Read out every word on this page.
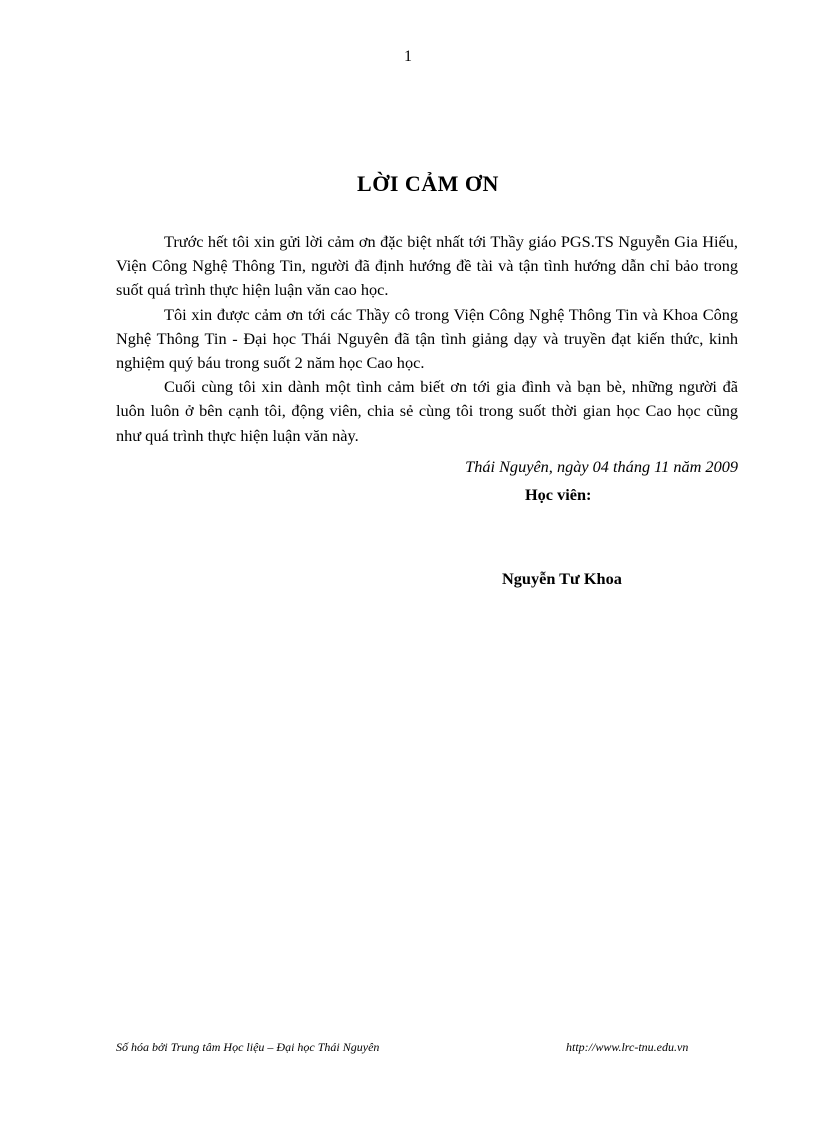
1
LỜI CẢM ƠN

Trước hết tôi xin gửi lời cảm ơn đặc biệt nhất tới Thầy giáo PGS.TS Nguyễn Gia Hiếu, Viện Công Nghệ Thông Tin, người đã định hướng đề tài và tận tình hướng dẫn chỉ bảo trong suốt quá trình thực hiện luận văn cao học.

Tôi xin được cảm ơn tới các Thầy cô trong Viện Công Nghệ Thông Tin và Khoa Công Nghệ Thông Tin - Đại học Thái Nguyên đã tận tình giảng dạy và truyền đạt kiến thức, kinh nghiệm quý báu trong suốt 2 năm học Cao học.

Cuối cùng tôi xin dành một tình cảm biết ơn tới gia đình và bạn bè, những người đã luôn luôn ở bên cạnh tôi, động viên, chia sẻ cùng tôi trong suốt thời gian học Cao học cũng như quá trình thực hiện luận văn này.

Thái Nguyên, ngày 04 tháng 11 năm 2009
Học viên:
Nguyễn Tư Khoa
Số hóa bởi Trung tâm Học liệu – Đại học Thái Nguyên	http://www.lrc-tnu.edu.vn
